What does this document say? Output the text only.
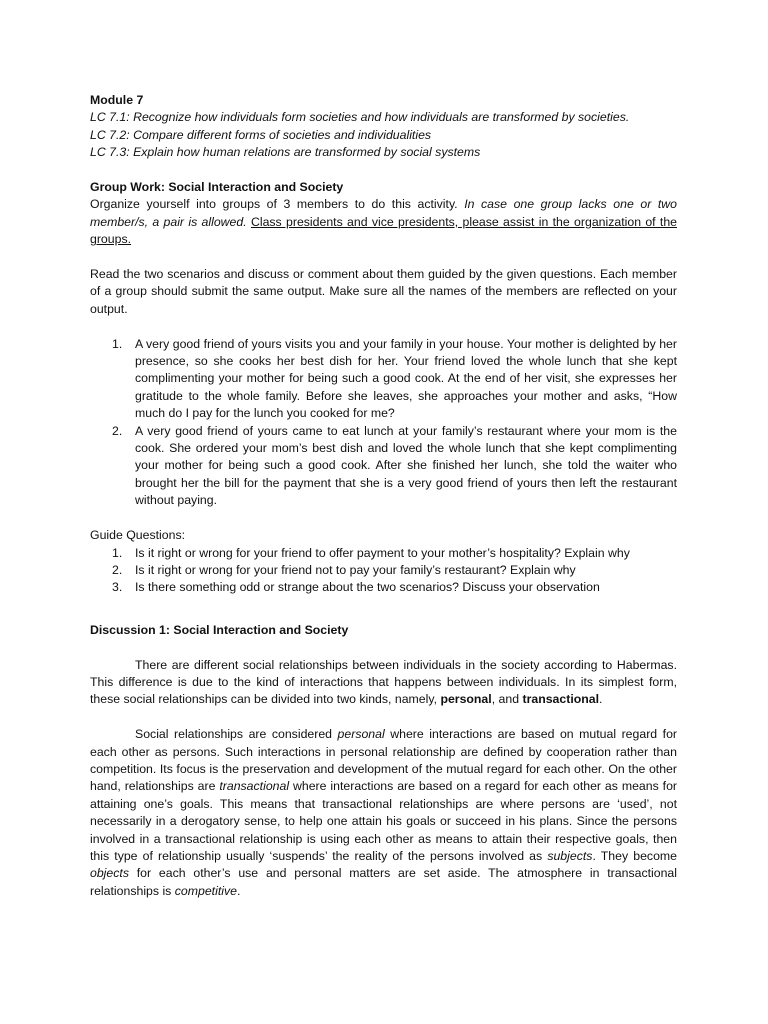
Module 7

LC 7.1: Recognize how individuals form societies and how individuals are transformed by societies.

LC 7.2: Compare different forms of societies and individualities

LC 7.3: Explain how human relations are transformed by social systems

Group Work: Social Interaction and Society

Organize yourself into groups of 3 members to do this activity. In case one group lacks one or two member/s, a pair is allowed. Class presidents and vice presidents, please assist in the organization of the groups.

Read the two scenarios and discuss or comment about them guided by the given questions. Each member of a group should submit the same output. Make sure all the names of the members are reflected on your output.

1. A very good friend of yours visits you and your family in your house. Your mother is delighted by her presence, so she cooks her best dish for her. Your friend loved the whole lunch that she kept complimenting your mother for being such a good cook. At the end of her visit, she expresses her gratitude to the whole family. Before she leaves, she approaches your mother and asks, “How much do I pay for the lunch you cooked for me?
2. A very good friend of yours came to eat lunch at your family’s restaurant where your mom is the cook. She ordered your mom’s best dish and loved the whole lunch that she kept complimenting your mother for being such a good cook. After she finished her lunch, she told the waiter who brought her the bill for the payment that she is a very good friend of yours then left the restaurant without paying.

Guide Questions:

1. Is it right or wrong for your friend to offer payment to your mother’s hospitality? Explain why
2. Is it right or wrong for your friend not to pay your family’s restaurant? Explain why
3. Is there something odd or strange about the two scenarios? Discuss your observation

Discussion 1: Social Interaction and Society

There are different social relationships between individuals in the society according to Habermas. This difference is due to the kind of interactions that happens between individuals. In its simplest form, these social relationships can be divided into two kinds, namely, personal, and transactional.

Social relationships are considered personal where interactions are based on mutual regard for each other as persons. Such interactions in personal relationship are defined by cooperation rather than competition. Its focus is the preservation and development of the mutual regard for each other. On the other hand, relationships are transactional where interactions are based on a regard for each other as means for attaining one’s goals. This means that transactional relationships are where persons are ‘used’, not necessarily in a derogatory sense, to help one attain his goals or succeed in his plans. Since the persons involved in a transactional relationship is using each other as means to attain their respective goals, then this type of relationship usually ‘suspends’ the reality of the persons involved as subjects. They become objects for each other’s use and personal matters are set aside. The atmosphere in transactional relationships is competitive.
